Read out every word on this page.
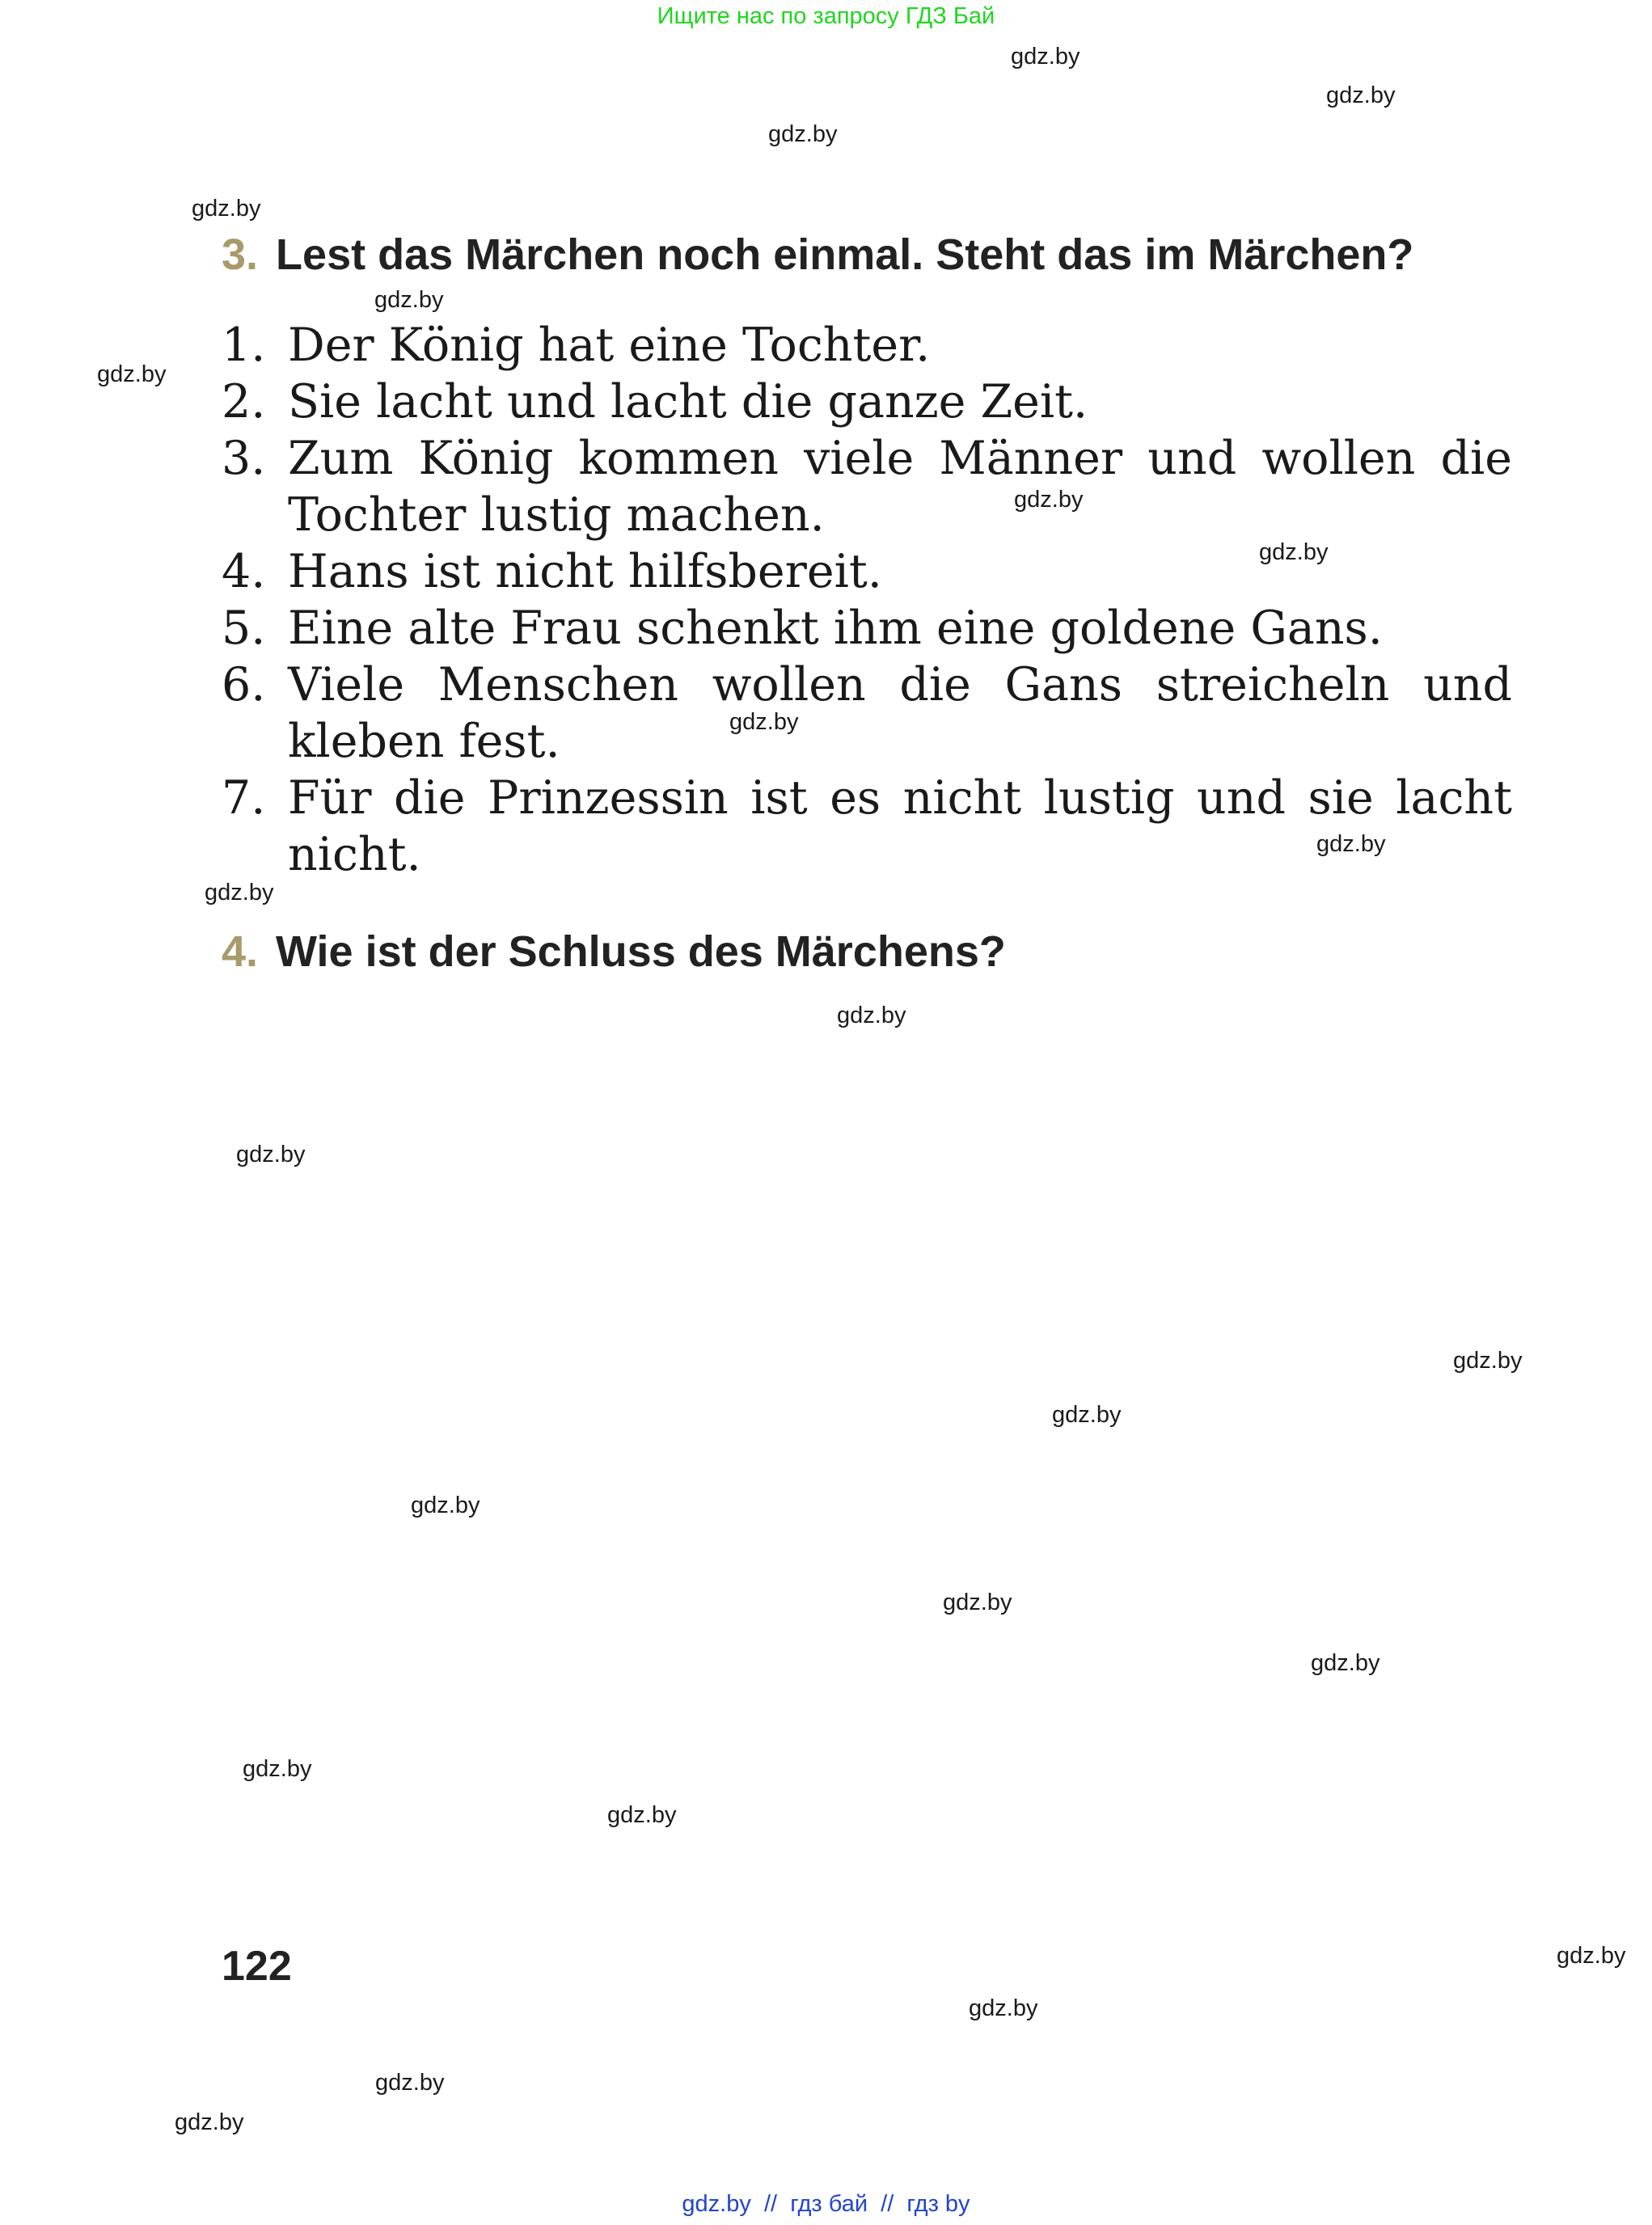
Ищите нас по запросу ГДЗ Бай
gdz.by
gdz.by
gdz.by
gdz.by
gdz.by
gdz.by
gdz.by
gdz.by
gdz.by
gdz.by
gdz.by
gdz.by
gdz.by
gdz.by
gdz.by
gdz.by
gdz.by
gdz.by
gdz.by
gdz.by
gdz.by
gdz.by
gdz.by
gdz.by
3. Lest das Märchen noch einmal. Steht das im Märchen?
1. Der König hat eine Tochter.
2. Sie lacht und lacht die ganze Zeit.
3. Zum König kommen viele Männer und wollen die Tochter lustig machen.
4. Hans ist nicht hilfsbereit.
5. Eine alte Frau schenkt ihm eine goldene Gans.
6. Viele Menschen wollen die Gans streicheln und kleben fest.
7. Für die Prinzessin ist es nicht lustig und sie lacht nicht.
4. Wie ist der Schluss des Märchens?
122
gdz.by  //  гдз бай  //  гдз by
